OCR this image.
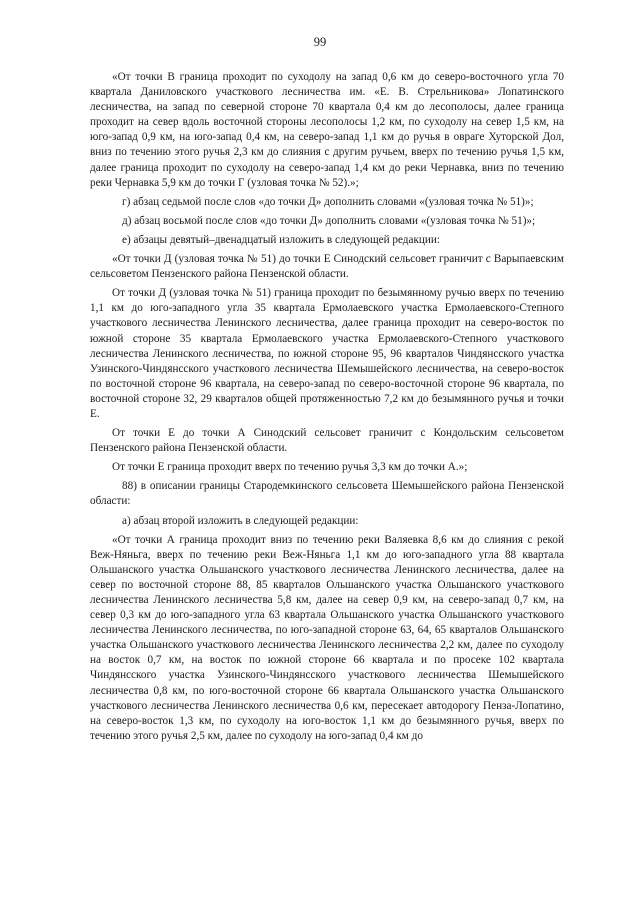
99

«От точки В граница проходит по суходолу на запад 0,6 км до северо-восточного угла 70 квартала Даниловского участкового лесничества им. «Е. В. Стрельникова» Лопатинского лесничества, на запад по северной стороне 70 квартала 0,4 км до лесополосы, далее граница проходит на север вдоль восточной стороны лесополосы 1,2 км, по суходолу на север 1,5 км, на юго-запад 0,9 км, на юго-запад 0,4 км, на северо-запад 1,1 км до ручья в овраге Хуторской Дол, вниз по течению этого ручья 2,3 км до слияния с другим ручьем, вверх по течению ручья 1,5 км, далее граница проходит по суходолу на северо-запад 1,4 км до реки Чернавка, вниз по течению реки Чернавка 5,9 км до точки Г (узловая точка № 52).»;

г) абзац седьмой после слов «до точки Д» дополнить словами «(узловая точка № 51)»;

д) абзац восьмой после слов «до точки Д» дополнить словами «(узловая точка № 51)»;

е) абзацы девятый–двенадцатый изложить в следующей редакции:

«От точки Д (узловая точка № 51) до точки Е Синодский сельсовет граничит с Варыпаевским сельсоветом Пензенского района Пензенской области.

От точки Д (узловая точка № 51) граница проходит по безымянному ручью вверх по течению 1,1 км до юго-западного угла 35 квартала Ермолаевского участка Ермолаевского-Степного участкового лесничества Ленинского лесничества, далее граница проходит на северо-восток по южной стороне 35 квартала Ермолаевского участка Ермолаевского-Степного участкового лесничества Ленинского лесничества, по южной стороне 95, 96 кварталов Чиндянсского участка Узинского-Чиндянсского участкового лесничества Шемышейского лесничества, на северо-восток по восточной стороне 96 квартала, на северо-запад по северо-восточной стороне 96 квартала, по восточной стороне 32, 29 кварталов общей протяженностью 7,2 км до безымянного ручья и точки Е.

От точки Е до точки А Синодский сельсовет граничит с Кондольским сельсоветом Пензенского района Пензенской области.

От точки Е граница проходит вверх по течению ручья 3,3 км до точки А.»;

88) в описании границы Стародемкинского сельсовета Шемышейского района Пензенской области:

а) абзац второй изложить в следующей редакции:

«От точки А граница проходит вниз по течению реки Валяевка 8,6 км до слияния с рекой Веж-Няньга, вверх по течению реки Веж-Няньга 1,1 км до юго-западного угла 88 квартала Ольшанского участка Ольшанского участкового лесничества Ленинского лесничества, далее на север по восточной стороне 88, 85 кварталов Ольшанского участка Ольшанского участкового лесничества Ленинского лесничества 5,8 км, далее на север 0,9 км, на северо-запад 0,7 км, на север 0,3 км до юго-западного угла 63 квартала Ольшанского участка Ольшанского участкового лесничества Ленинского лесничества, по юго-западной стороне 63, 64, 65 кварталов Ольшанского участка Ольшанского участкового лесничества Ленинского лесничества 2,2 км, далее по суходолу на восток 0,7 км, на восток по южной стороне 66 квартала и по просеке 102 квартала Чиндянсского участка Узинского-Чиндянсского участкового лесничества Шемышейского лесничества 0,8 км, по юго-восточной стороне 66 квартала Ольшанского участка Ольшанского участкового лесничества Ленинского лесничества 0,6 км, пересекает автодорогу Пенза-Лопатино, на северо-восток 1,3 км, по суходолу на юго-восток 1,1 км до безымянного ручья, вверх по течению этого ручья 2,5 км, далее по суходолу на юго-запад 0,4 км до
